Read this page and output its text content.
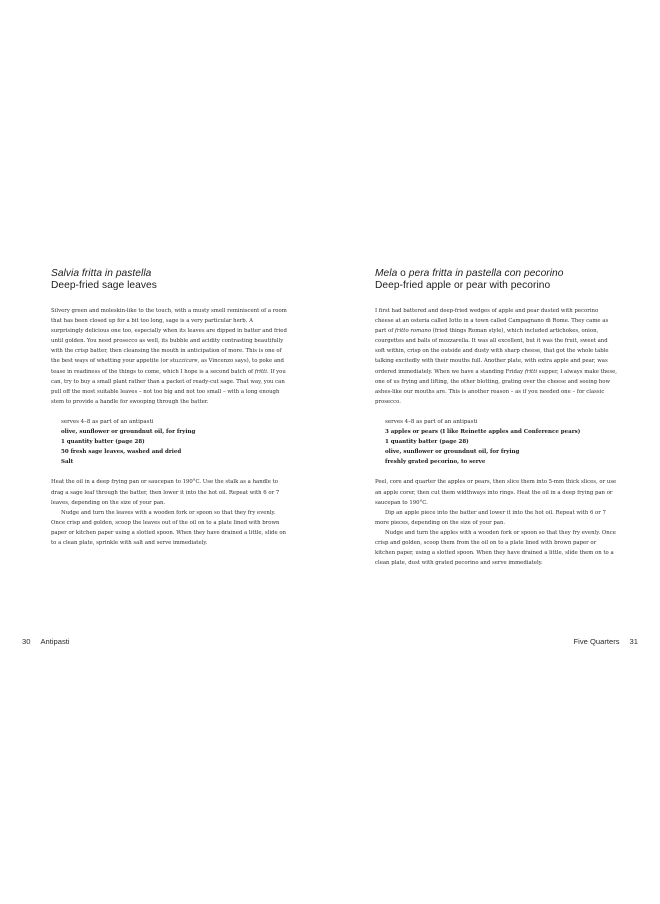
Salvia fritta in pastella

Deep-fried sage leaves

Silvery green and moleskin-like to the touch, with a musty smell reminiscent of a room that has been closed up for a bit too long, sage is a very particular herb. A surprisingly delicious one too, especially when its leaves are dipped in batter and fried until golden. You need prosecco as well, its bubble and acidity contrasting beautifully with the crisp batter, then cleansing the mouth in anticipation of more. This is one of the best ways of whetting your appetite (or stuzzicare, as Vincenzo says), to poke and tease in readiness of the things to come, which I hope is a second batch of fritti. If you can, try to buy a small plant rather than a packet of ready-cut sage. That way, you can pull off the most suitable leaves – not too big and not too small – with a long enough stem to provide a handle for swooping through the batter.

serves 4–8 as part of an antipasti
olive, sunflower or groundnut oil, for frying
1 quantity batter (page 28)
50 fresh sage leaves, washed and dried
Salt

Heat the oil in a deep frying pan or saucepan to 190°C. Use the stalk as a handle to drag a sage leaf through the batter, then lower it into the hot oil. Repeat with 6 or 7 leaves, depending on the size of your pan.

Nudge and turn the leaves with a wooden fork or spoon so that they fry evenly. Once crisp and golden, scoop the leaves out of the oil on to a plate lined with brown paper or kitchen paper using a slotted spoon. When they have drained a little, slide on to a clean plate, sprinkle with salt and serve immediately.

30 Antipasti

Mela o pera fritta in pastella con pecorino

Deep-fried apple or pear with pecorino

I first had battered and deep-fried wedges of apple and pear dusted with pecorino cheese at an osteria called Iotto in a town called Campagnano di Rome. They came as part of fritto romano (fried things Roman style), which included artichokes, onion, courgettes and balls of mozzarella. It was all excellent, but it was the fruit, sweet and soft within, crisp on the outside and dusty with sharp cheese, that got the whole table talking excitedly with their mouths full. Another plate, with extra apple and pear, was ordered immediately. When we have a standing Friday fritti supper, I always make these, one of us frying and lifting, the other blotting, grating over the cheese and seeing how ashes-like our mouths are. This is another reason – as if you needed one – for classic prosecco.

serves 4–8 as part of an antipasti
3 apples or pears (I like Reinette apples and Conference pears)
1 quantity batter (page 28)
olive, sunflower or groundnut oil, for frying
freshly grated pecorino, to serve

Peel, core and quarter the apples or pears, then slice them into 5-mm thick slices, or use an apple corer, then cut them widthways into rings. Heat the oil in a deep frying pan or saucepan to 190°C.

Dip an apple piece into the batter and lower it into the hot oil. Repeat with 6 or 7 more pieces, depending on the size of your pan.

Nudge and turn the apples with a wooden fork or spoon so that they fry evenly. Once crisp and golden, scoop them from the oil on to a plate lined with brown paper or kitchen paper, using a slotted spoon. When they have drained a little, slide them on to a clean plate, dust with grated pecorino and serve immediately.

Five Quarters 31
